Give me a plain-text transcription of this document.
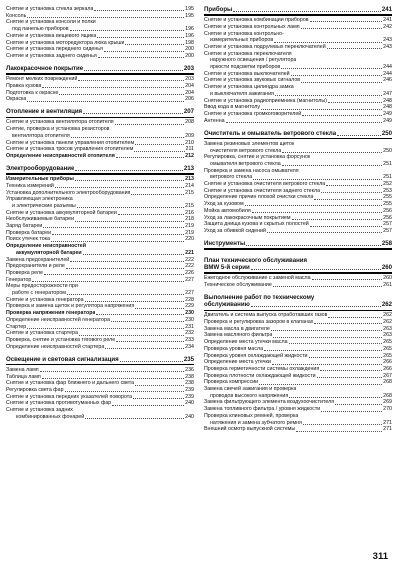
Снятие и установка стекла зеркала	195
Консоль	195
Снятие и установка консоли и полки
под панелью приборов	196
Снятие и установка вещевого ящика	196
Снятие и установка моторедуктора люка крыши	198
Снятие и установка переднего сиденья	200
Снятие и установка заднего сиденья	200
Лакокрасочное покрытие	203
Ремонт мелких повреждений	203
Правка кузова	204
Подготовка к окраске	204
Окраска	206
Отопление и вентиляция	207
Снятие и установка вентилятора отопителя	208
Снятие, проверка и установка резисторов
вентилятора отопителя	209
Снятие и установка панели управления отопителем	210
Снятие и установка тросов управления отопителем	211
Определение неисправностей отопителя	212
Электрооборудование	213
Измерительные приборы	213
Техника измерений	214
Установка дополнительного электрооборудования	215
Управляющая электроника
и электрические разъемы	215
Снятие и установка аккумуляторной батареи	216
Необслуживаемые батареи	218
Заряд батареи	219
Проверка батареи	219
Поиск утечек тока	220
Определение неисправностей
аккумуляторной батареи	221
Замена предохранителей	222
Предохранители и реле	222
Проверка реле	226
Генератор	227
Меры предосторожности при
работе с генератором	227
Снятие и установка генератора	228
Проверка и замена щеток и регулятора напряжения	229
Проверка напряжения генератора	230
Определение неисправностей генератора	230
Стартер	231
Снятие и установка стартера	232
Проверка, снятие и установка тягового реле	233
Определение неисправностей стартера	234
Освещение и световая сигнализация	235
Замена ламп	236
Таблица ламп	238
Снятие и установка фар ближнего и дальнего света	238
Регулировка света фар	239
Снятие и установка передних указателей поворота	239
Снятие и установка противотуманных фар	240
Снятие и установка задних
комбинированных фонарей	240
Приборы	241
Снятие и установка комбинации приборов	241
Снятие и установка контрольных ламп	242
Снятие и установка контрольно-
измерительных приборов	243
Снятие и установка подрулевых переключателей	243
Снятие и установка переключателя
наружного освещения / регулятора
яркости подсветки приборов	244
Снятие и установка выключателей	244
Снятие и установка звуковых сигналов	246
Снятие и установка цилиндра замка
и выключателя зажигания	247
Снятие и установка радиоприемника (магнитолы)	248
Ввод кода в магнитолу	248
Снятие и установка громкоговорителей	249
Антенна	249
Очиститель и омыватель ветрового стекла	250
Замена резиновых элементов щеток
очистителя ветрового стекла	250
Регулировка, снятие и установка форсунок
омывателя ветрового стекла	251
Проверка и замена насоса омывателя
ветрового стекла	251
Снятие и установка очистителя ветрового стекла	252
Снятие и установка очистителя заднего стекла	253
Определение причин плохой очистки стекла	255
Уход за кузовом	255
Мойка автомобиля	256
Уход за лакокрасочным покрытием	256
Защита днища кузова и скрытых полостей	257
Уход за обивкой сидений	257
Инструменты	258
План технического обслуживания
BMW 5-й серии	260
Ежегодное обслуживание с заменой масла	260
Техническое обслуживание	261
Выполнение работ по техническому
обслуживанию	262
Двигатель и система выпуска отработавших газов	262
Проверка и регулировка зазоров в клапанах	262
Замена масла в двигателе	263
Замена масляного фильтра	263
Определение места утечки масла	265
Проверка уровня масла	265
Проверка уровня охлаждающей жидкости	265
Определение места утечки	266
Проверка герметичности системы охлаждения	266
Проверка плотности охлаждающей жидкости	267
Проверка компрессии	268
Замена свечей зажигания и проверка
проводов высокого напряжения	268
Замена фильтрующего элемента воздухоочистителя	269
Замена топливного фильтра / уровня жидкости	270
Проверка клиновых ремней, проверка
натяжения и замена зубчатого ремня	271
Внешний осмотр выпускной системы	271
311
